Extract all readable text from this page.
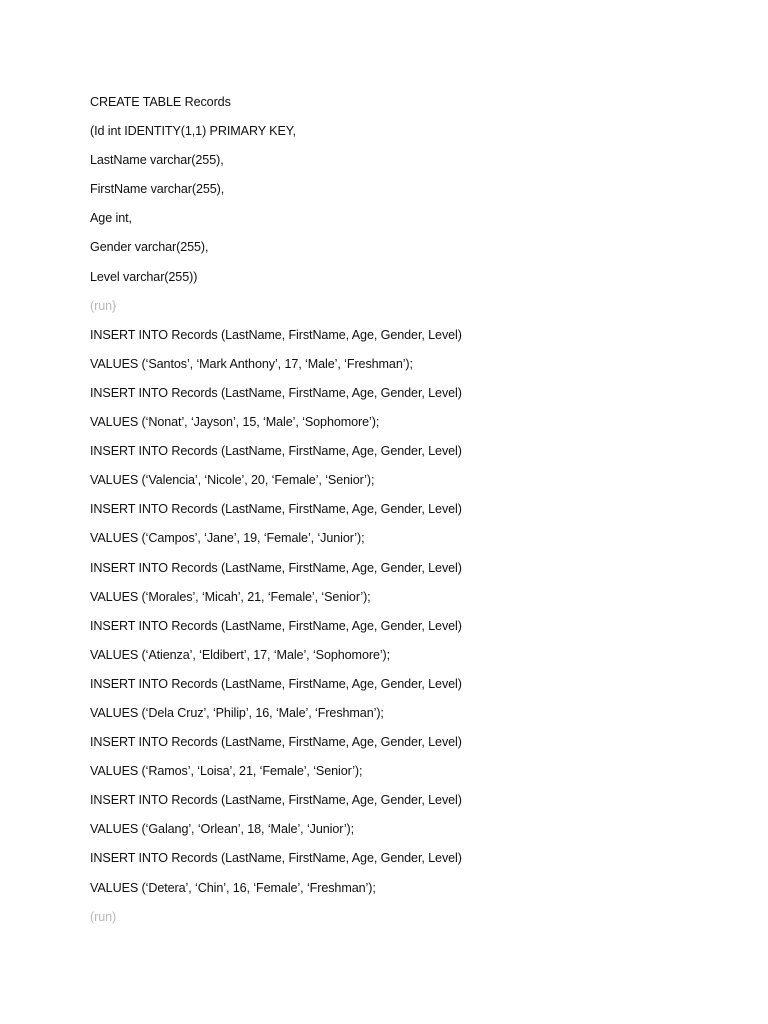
CREATE TABLE Records
(Id int IDENTITY(1,1) PRIMARY KEY,
LastName varchar(255),
FirstName varchar(255),
Age int,
Gender varchar(255),
Level varchar(255))
(run}
INSERT INTO Records (LastName, FirstName, Age, Gender, Level)
VALUES (‘Santos’, ‘Mark Anthony’, 17, ‘Male’, ‘Freshman’);
INSERT INTO Records (LastName, FirstName, Age, Gender, Level)
VALUES (‘Nonat’, ‘Jayson’, 15, ‘Male’, ‘Sophomore’);
INSERT INTO Records (LastName, FirstName, Age, Gender, Level)
VALUES (‘Valencia’, ‘Nicole’, 20, ‘Female’, ‘Senior’);
INSERT INTO Records (LastName, FirstName, Age, Gender, Level)
VALUES (‘Campos’, ‘Jane’, 19, ‘Female’, ‘Junior’);
INSERT INTO Records (LastName, FirstName, Age, Gender, Level)
VALUES (‘Morales’, ‘Micah’, 21, ‘Female’, ‘Senior’);
INSERT INTO Records (LastName, FirstName, Age, Gender, Level)
VALUES (‘Atienza’, ‘Eldibert’, 17, ‘Male’, ‘Sophomore’);
INSERT INTO Records (LastName, FirstName, Age, Gender, Level)
VALUES (‘Dela Cruz’, ‘Philip’, 16, ‘Male’, ‘Freshman’);
INSERT INTO Records (LastName, FirstName, Age, Gender, Level)
VALUES (‘Ramos’, ‘Loisa’, 21, ‘Female’, ‘Senior’);
INSERT INTO Records (LastName, FirstName, Age, Gender, Level)
VALUES (‘Galang’, ‘Orlean’, 18, ‘Male’, ‘Junior’);
INSERT INTO Records (LastName, FirstName, Age, Gender, Level)
VALUES (‘Detera’, ‘Chin’, 16, ‘Female’, ‘Freshman’);
(run)
